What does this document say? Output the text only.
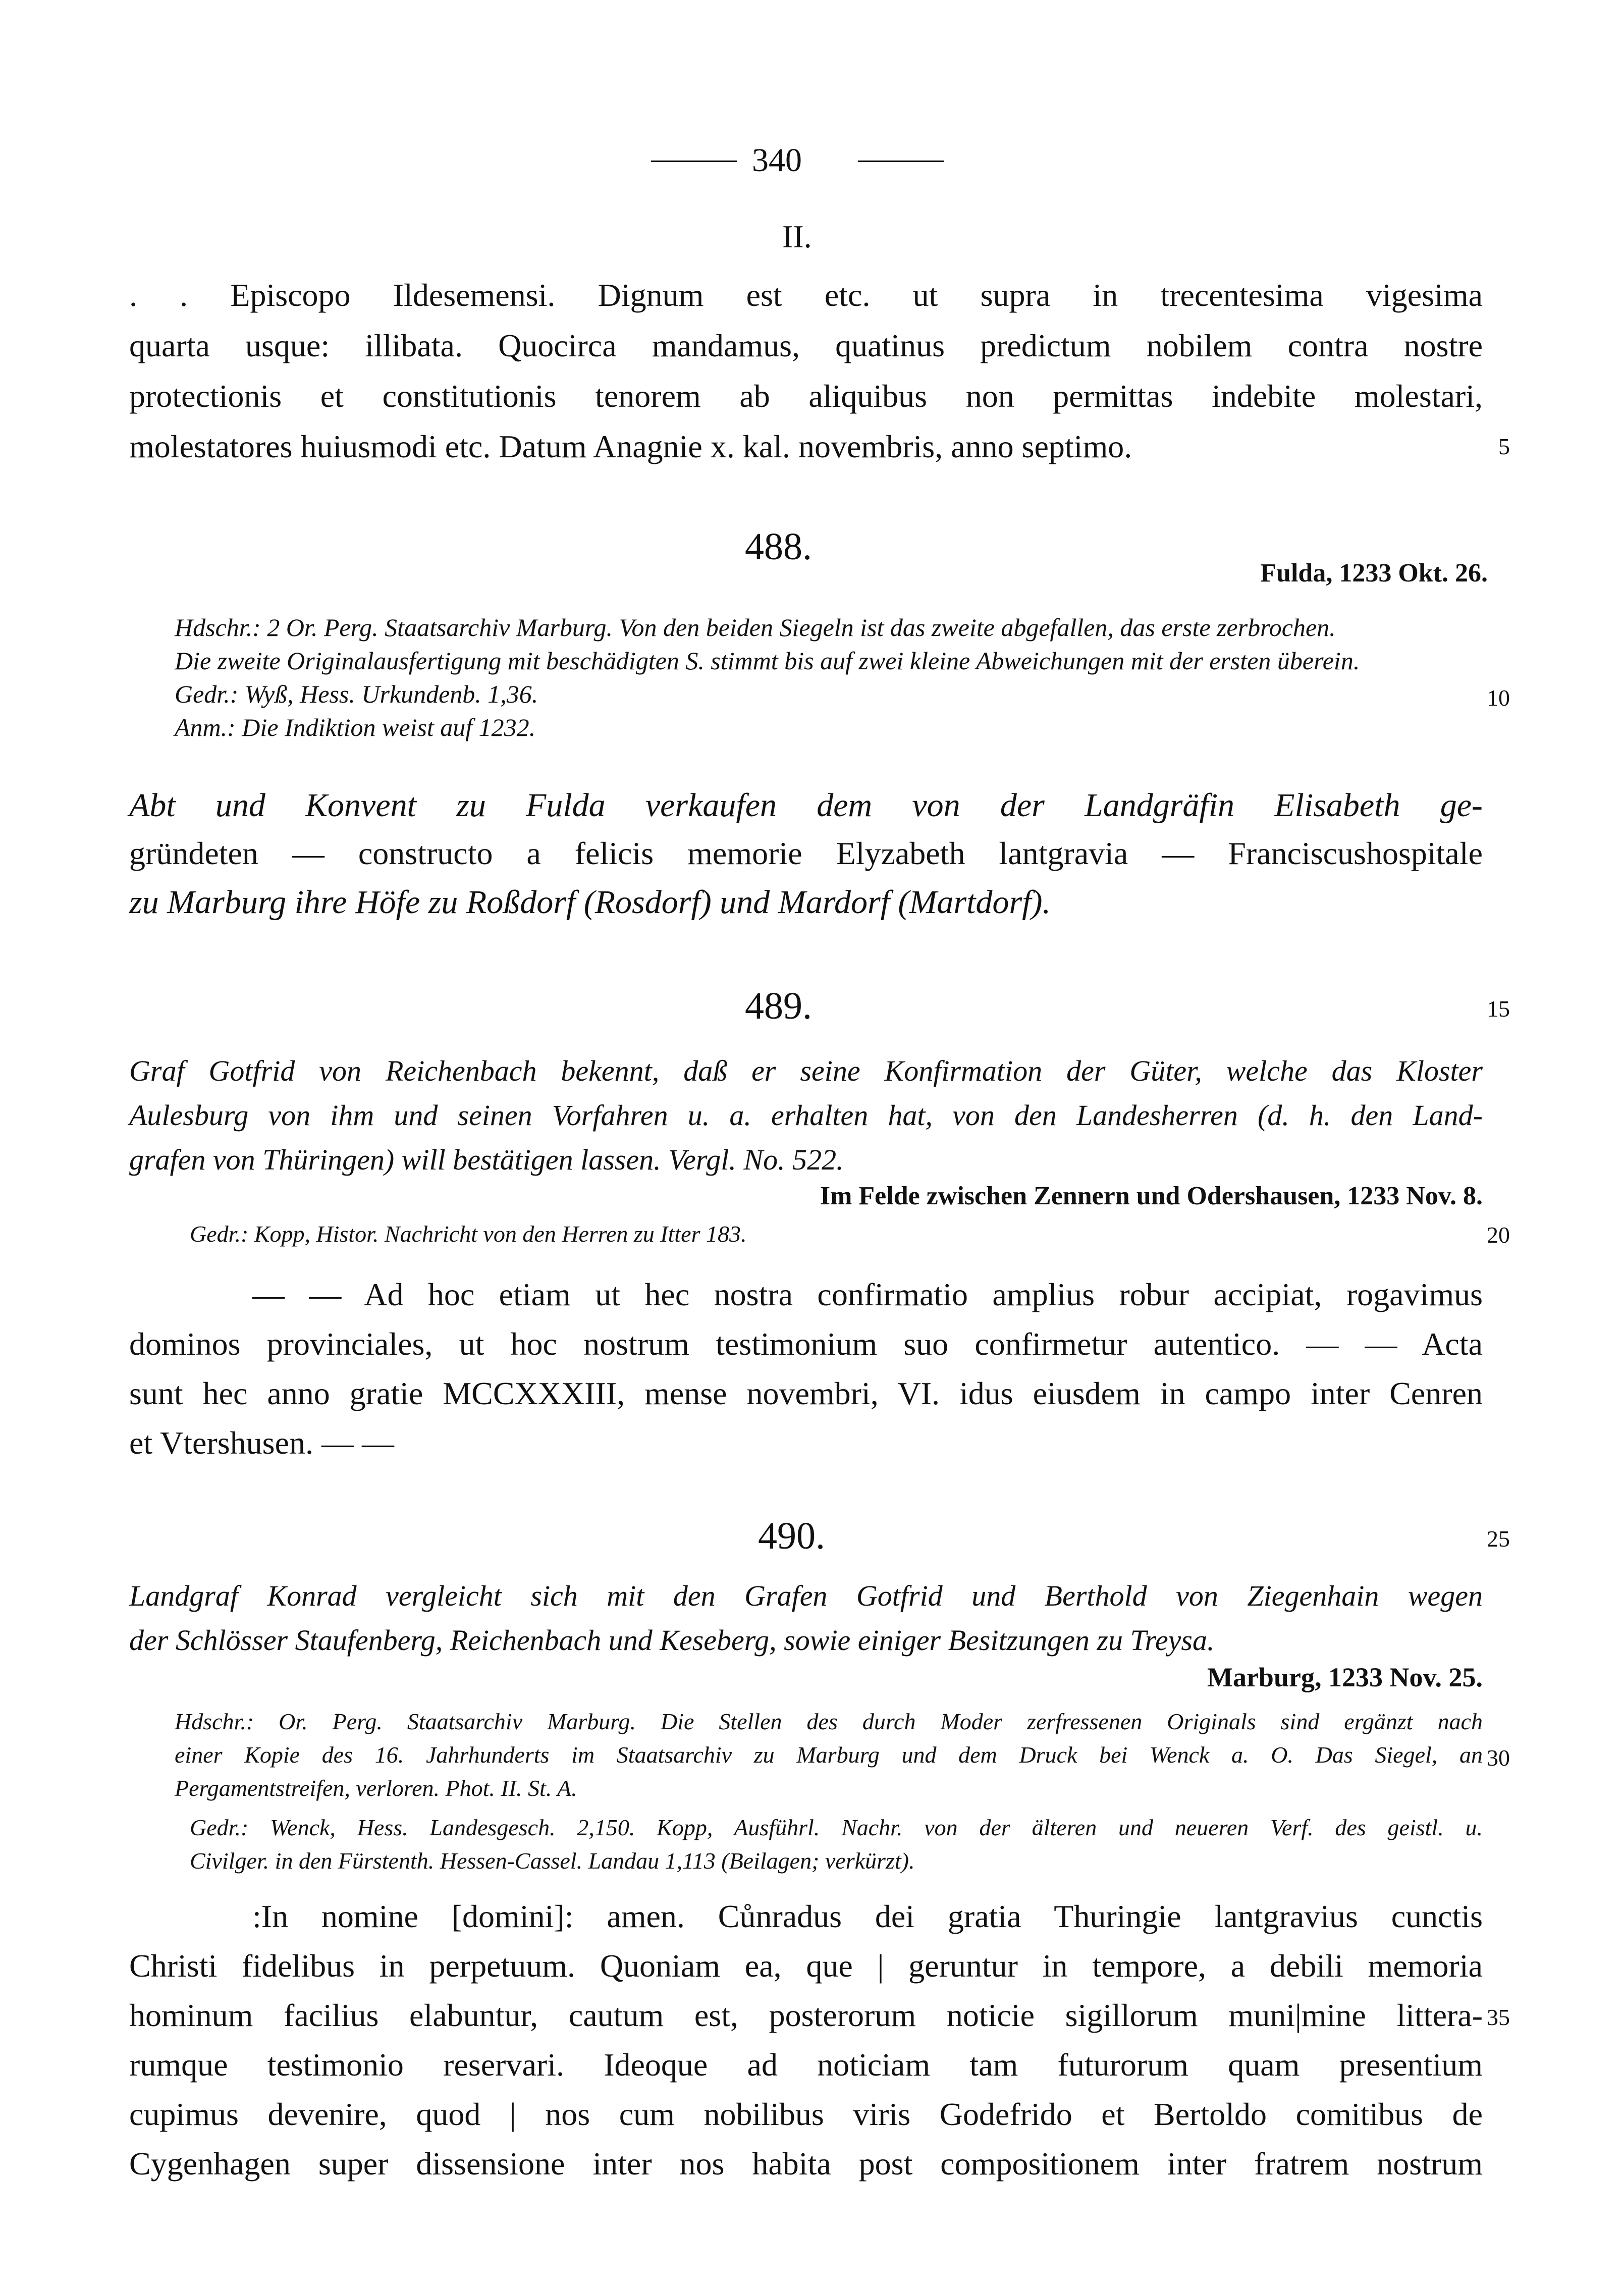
340
II.
. . Episcopo Ildesemensi. Dignum est etc. ut supra in trecentesima vigesima
quarta usque: illibata. Quocirca mandamus, quatinus predictum nobilem contra nostre
protectionis et constitutionis tenorem ab aliquibus non permittas indebite molestari,
molestatores huiusmodi etc. Datum Anagnie x. kal. novembris, anno septimo.	5
488.
Fulda, 1233 Okt. 26.
Hdschr.: 2 Or. Perg. Staatsarchiv Marburg. Von den beiden Siegeln ist das zweite abgefallen, das erste zerbrochen.
Die zweite Originalausfertigung mit beschädigten S. stimmt bis auf zwei kleine Abweichungen mit der ersten überein.
Gedr.: Wyß, Hess. Urkundenb. 1,36.	10
Anm.: Die Indiktion weist auf 1232.
Abt und Konvent zu Fulda verkaufen dem von der Landgräfin Elisabeth ge-
gründeten — constructo a felicis memorie Elyzabeth lantgravia — Franciscushospitale
zu Marburg ihre Höfe zu Roßdorf (Rosdorf) und Mardorf (Martdorf).
489.	15
Graf Gotfrid von Reichenbach bekennt, daß er seine Konfirmation der Güter, welche das Kloster
Aulesburg von ihm und seinen Vorfahren u. a. erhalten hat, von den Landesherren (d. h. den Land-
grafen von Thüringen) will bestätigen lassen. Vergl. No. 522.
Im Felde zwischen Zennern und Odershausen, 1233 Nov. 8.
Gedr.: Kopp, Histor. Nachricht von den Herren zu Itter 183.	20
— — Ad hoc etiam ut hec nostra confirmatio amplius robur accipiat, rogavimus
dominos provinciales, ut hoc nostrum testimonium suo confirmetur autentico. — — Acta
sunt hec anno gratie MCCXXXIII, mense novembri, VI. idus eiusdem in campo inter Cenren
et Vtershusen. — —
490.	25
Landgraf Konrad vergleicht sich mit den Grafen Gotfrid und Berthold von Ziegenhain wegen
der Schlösser Staufenberg, Reichenbach und Keseberg, sowie einiger Besitzungen zu Treysa.
Marburg, 1233 Nov. 25.
Hdschr.: Or. Perg. Staatsarchiv Marburg. Die Stellen des durch Moder zerfressenen Originals sind ergänzt nach
einer Kopie des 16. Jahrhunderts im Staatsarchiv zu Marburg und dem Druck bei Wenck a. O. Das Siegel, an 30
Pergamentstreifen, verloren. Phot. II. St. A.
Gedr.: Wenck, Hess. Landesgesch. 2,150. Kopp, Ausführl. Nachr. von der älteren und neueren Verf. des geistl. u.
Civilger. in den Fürstenth. Hessen-Cassel. Landau 1,113 (Beilagen; verkürzt).
:In nomine [domini]: amen. Cůnradus dei gratia Thuringie lantgravius cunctis
Christi fidelibus in perpetuum. Quoniam ea, que | geruntur in tempore, a debili memoria
hominum facilius elabuntur, cautum est, posterorum noticie sigillorum muni|mine littera- 35
rumque testimonio reservari. Ideoque ad noticiam tam futurorum quam presentium
cupimus devenire, quod | nos cum nobilibus viris Godefrido et Bertoldo comitibus de
Cygenhagen super dissensione inter nos habita post compositionem inter fratrem nostrum
